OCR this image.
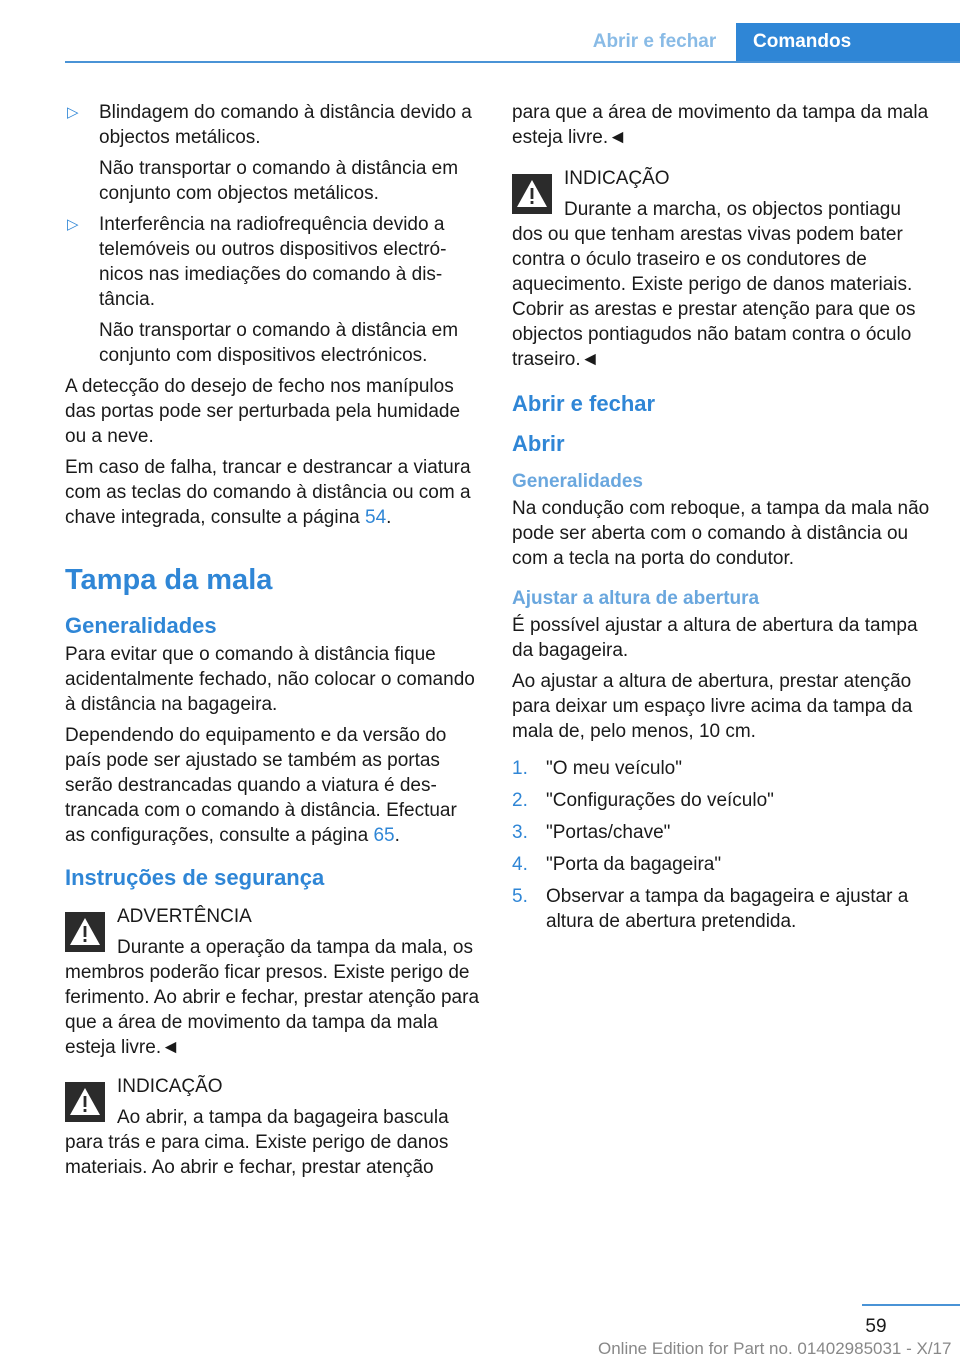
Abrir e fechar	Comandos
▷	Blindagem do comando à distância devido a objectos metálicos.

Não transportar o comando à distância em conjunto com objectos metálicos.

▷	Interferência na radiofrequência devido a telemóveis ou outros dispositivos electrónicos nas imediações do comando à distância.

Não transportar o comando à distância em conjunto com dispositivos electrónicos.

A detecção do desejo de fecho nos manípulos das portas pode ser perturbada pela humidade ou a neve.

Em caso de falha, trancar e destrancar a viatura com as teclas do comando à distância ou com a chave integrada, consulte a página 54.

Tampa da mala
Generalidades

Para evitar que o comando à distância fique acidentalmente fechado, não colocar o comando à distância na bagageira.

Dependendo do equipamento e da versão do país pode ser ajustado se também as portas serão destrancadas quando a viatura é destrancada com o comando à distância. Efectuar as configurações, consulte a página 65.

Instruções de segurança
ADVERTÊNCIA
Durante a operação da tampa da mala, os
membros poderão ficar presos. Existe perigo de ferimento. Ao abrir e fechar, prestar atenção para que a área de movimento da tampa da mala esteja livre.◄
INDICAÇÃO
Ao abrir, a tampa da bagageira bascula
para trás e para cima. Existe perigo de danos materiais. Ao abrir e fechar, prestar atenção

para que a área de movimento da tampa da mala esteja livre.◄

INDICAÇÃO
Durante a marcha, os objectos pontiagu
dos ou que tenham arestas vivas podem bater contra o óculo traseiro e os condutores de aquecimento. Existe perigo de danos materiais. Cobrir as arestas e prestar atenção para que os objectos pontiagudos não batam contra o óculo traseiro.◄
Abrir e fechar
Abrir
Generalidades

Na condução com reboque, a tampa da mala não pode ser aberta com o comando à distância ou com a tecla na porta do condutor.

Ajustar a altura de abertura

É possível ajustar a altura de abertura da tampa da bagageira.

Ao ajustar a altura de abertura, prestar atenção para deixar um espaço livre acima da tampa da mala de, pelo menos, 10 cm.

1. "O meu veículo"
2. "Configurações do veículo"
3. "Portas/chave"
4. "Porta da bagageira"
5. Observar a tampa da bagageira e ajustar a altura de abertura pretendida.
59
Online Edition for Part no. 01402985031 - X/17
